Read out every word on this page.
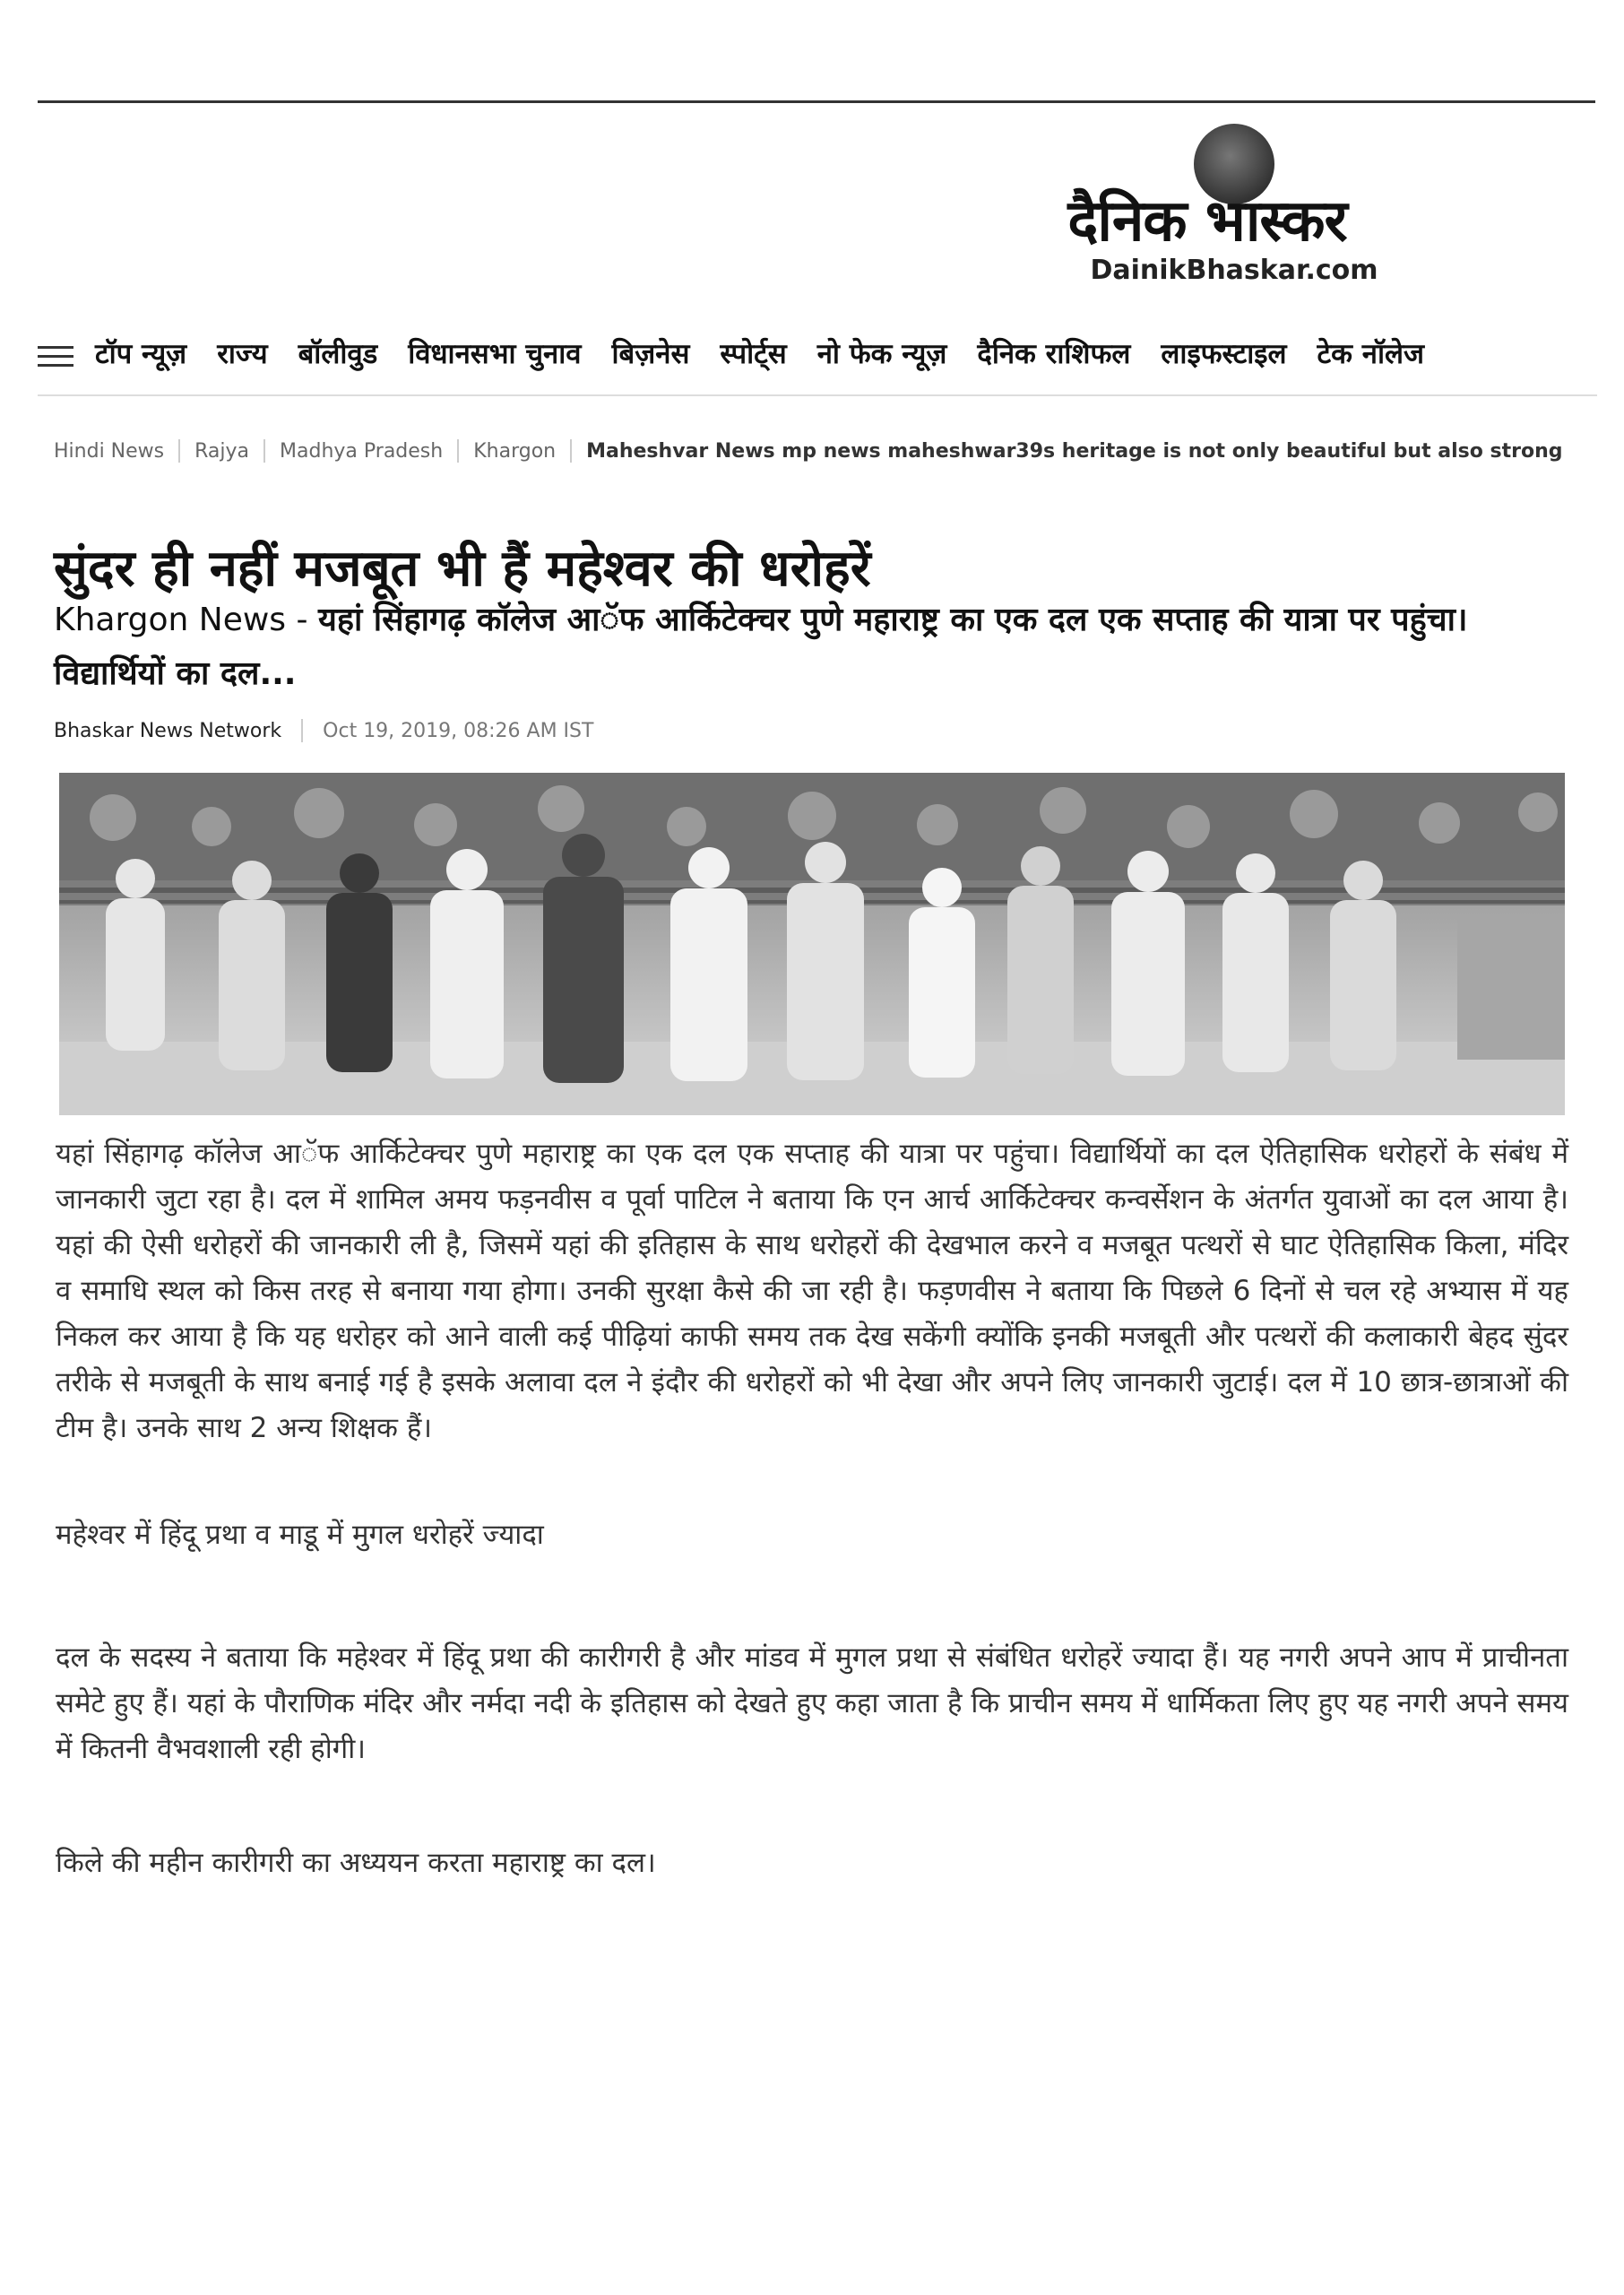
दैनिक भास्कर
DainikBhaskar.com
टॉप न्यूज़ राज्य बॉलीवुड विधानसभा चुनाव बिज़नेस स्पोर्ट्स नो फेक न्यूज़ दैनिक राशिफल लाइफस्टाइल टेक नॉलेज
Hindi News Rajya Madhya Pradesh Khargon Maheshvar News mp news maheshwar39s heritage is not only beautiful but also strong
सुंदर ही नहीं मजबूत भी हैं महेश्वर की धरोहरें
Khargon News - यहां सिंहागढ़ कॉलेज आॅफ आर्किटेक्चर पुणे महाराष्ट्र का एक दल एक सप्ताह की यात्रा पर पहुंचा। विद्यार्थियों का दल...
Bhaskar News Network Oct 19, 2019, 08:26 AM IST

यहां सिंहागढ़ कॉलेज आॅफ आर्किटेक्चर पुणे महाराष्ट्र का एक दल एक सप्ताह की यात्रा पर पहुंचा। विद्यार्थियों का दल ऐतिहासिक धरोहरों के संबंध में जानकारी जुटा रहा है। दल में शामिल अमय फड़नवीस व पूर्वा पाटिल ने बताया कि एन आर्च आर्किटेक्चर कन्वर्सेशन के अंतर्गत युवाओं का दल आया है। यहां की ऐसी धरोहरों की जानकारी ली है, जिसमें यहां की इतिहास के साथ धरोहरों की देखभाल करने व मजबूत पत्थरों से घाट ऐतिहासिक किला, मंदिर व समाधि स्थल को किस तरह से बनाया गया होगा। उनकी सुरक्षा कैसे की जा रही है। फड़णवीस ने बताया कि पिछले 6 दिनों से चल रहे अभ्यास में यह निकल कर आया है कि यह धरोहर को आने वाली कई पीढ़ियां काफी समय तक देख सकेंगी क्योंकि इनकी मजबूती और पत्थरों की कलाकारी बेहद सुंदर तरीके से मजबूती के साथ बनाई गई है इसके अलावा दल ने इंदौर की धरोहरों को भी देखा और अपने लिए जानकारी जुटाई। दल में 10 छात्र-छात्राओं की टीम है। उनके साथ 2 अन्य शिक्षक हैं।

महेश्वर में हिंदू प्रथा व माडू में मुगल धरोहरें ज्यादा

दल के सदस्य ने बताया कि महेश्वर में हिंदू प्रथा की कारीगरी है और मांडव में मुगल प्रथा से संबंधित धरोहरें ज्यादा हैं। यह नगरी अपने आप में प्राचीनता समेटे हुए हैं। यहां के पौराणिक मंदिर और नर्मदा नदी के इतिहास को देखते हुए कहा जाता है कि प्राचीन समय में धार्मिकता लिए हुए यह नगरी अपने समय में कितनी वैभवशाली रही होगी।

किले की महीन कारीगरी का अध्ययन करता महाराष्ट्र का दल।
